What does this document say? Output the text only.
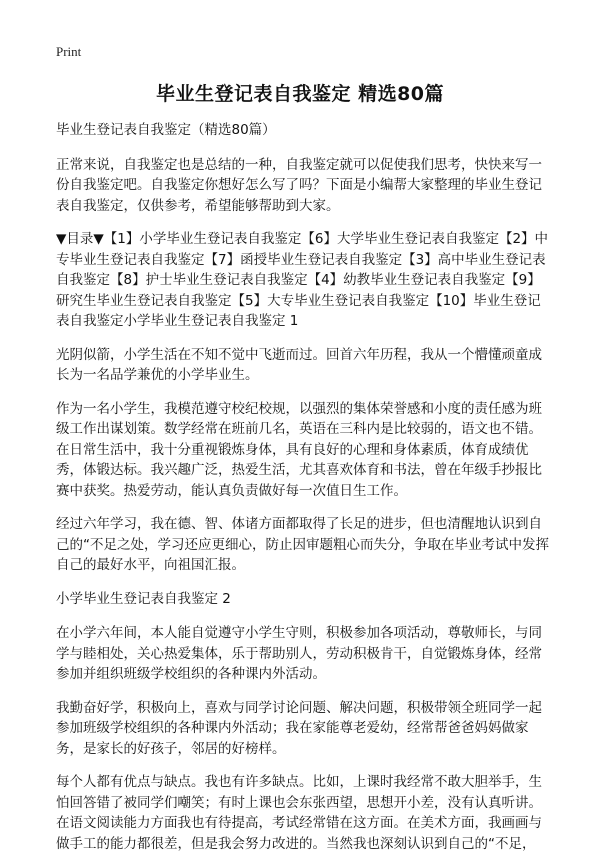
Print
毕业生登记表自我鉴定 精选80篇

毕业生登记表自我鉴定（精选80篇）

正常来说，自我鉴定也是总结的一种，自我鉴定就可以促使我们思考，快快来写一份自我鉴定吧。自我鉴定你想好怎么写了吗？下面是小编帮大家整理的毕业生登记表自我鉴定，仅供参考，希望能够帮助到大家。

▼目录▼【1】小学毕业生登记表自我鉴定【6】大学毕业生登记表自我鉴定【2】中专毕业生登记表自我鉴定【7】函授毕业生登记表自我鉴定【3】高中毕业生登记表自我鉴定【8】护士毕业生登记表自我鉴定【4】幼教毕业生登记表自我鉴定【9】研究生毕业生登记表自我鉴定【5】大专毕业生登记表自我鉴定【10】毕业生登记表自我鉴定小学毕业生登记表自我鉴定 1

光阴似箭，小学生活在不知不觉中飞逝而过。回首六年历程，我从一个懵懂顽童成长为一名品学兼优的小学毕业生。

作为一名小学生，我模范遵守校纪校规，以强烈的集体荣誉感和小度的责任感为班级工作出谋划策。数学经常在班前几名，英语在三科内是比较弱的，语文也不错。在日常生活中，我十分重视锻炼身体，具有良好的心理和身体素质，体育成绩优秀，体锻达标。我兴趣广泛，热爱生活，尤其喜欢体育和书法，曾在年级手抄报比赛中获奖。热爱劳动，能认真负责做好每一次值日生工作。

经过六年学习，我在德、智、体诸方面都取得了长足的进步，但也清醒地认识到自己的“不足之处，学习还应更细心，防止因审题粗心而失分，争取在毕业考试中发挥自己的最好水平，向祖国汇报。

小学毕业生登记表自我鉴定 2

在小学六年间，本人能自觉遵守小学生守则，积极参加各项活动，尊敬师长，与同学与睦相处，关心热爱集体，乐于帮助别人，劳动积极肯干，自觉锻炼身体，经常参加并组织班级学校组织的各种课内外活动。

我勤奋好学，积极向上，喜欢与同学讨论问题、解决问题，积极带领全班同学一起参加班级学校组织的各种课内外活动；我在家能尊老爱幼，经常帮爸爸妈妈做家务，是家长的好孩子，邻居的好榜样。

每个人都有优点与缺点。我也有许多缺点。比如，上课时我经常不敢大胆举手，生怕回答错了被同学们嘲笑；有时上课也会东张西望，思想开小差，没有认真听讲。在语文阅读能力方面我也有待提高，考试经常错在这方面。在美术方面，我画画与做手工的能力都很差，但是我会努力改进的。当然我也深刻认识到自己的“不足，
